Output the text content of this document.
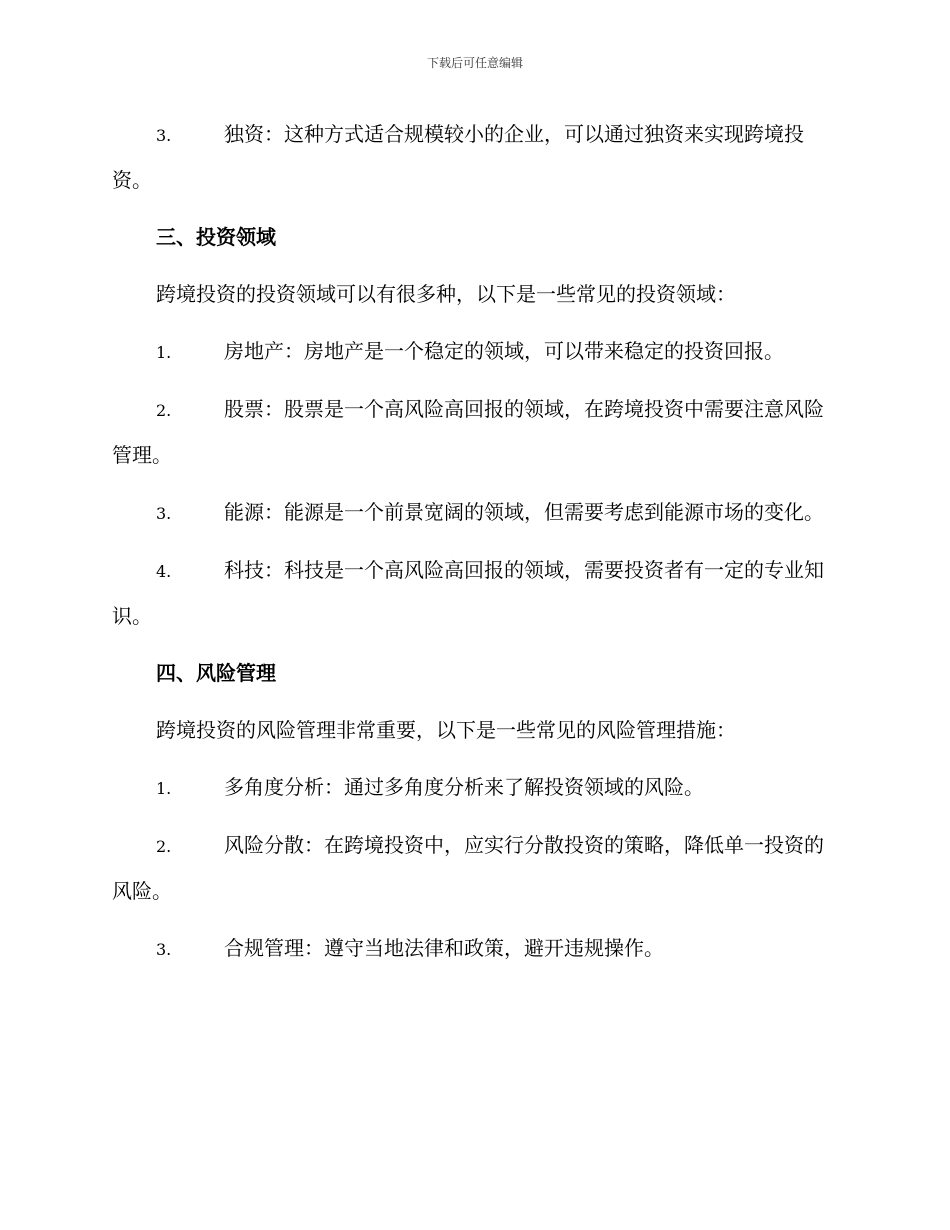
下载后可任意编辑

3.	独资：这种方式适合规模较小的企业，可以通过独资来实现跨境投资。

三、投资领域

跨境投资的投资领域可以有很多种，以下是一些常见的投资领域：

1.	房地产：房地产是一个稳定的领域，可以带来稳定的投资回报。

2.	股票：股票是一个高风险高回报的领域，在跨境投资中需要注意风险管理。

3.	能源：能源是一个前景宽阔的领域，但需要考虑到能源市场的变化。

4.	科技：科技是一个高风险高回报的领域，需要投资者有一定的专业知识。

四、风险管理

跨境投资的风险管理非常重要，以下是一些常见的风险管理措施：

1.	多角度分析：通过多角度分析来了解投资领域的风险。

2.	风险分散：在跨境投资中，应实行分散投资的策略，降低单一投资的风险。

3.	合规管理：遵守当地法律和政策，避开违规操作。
